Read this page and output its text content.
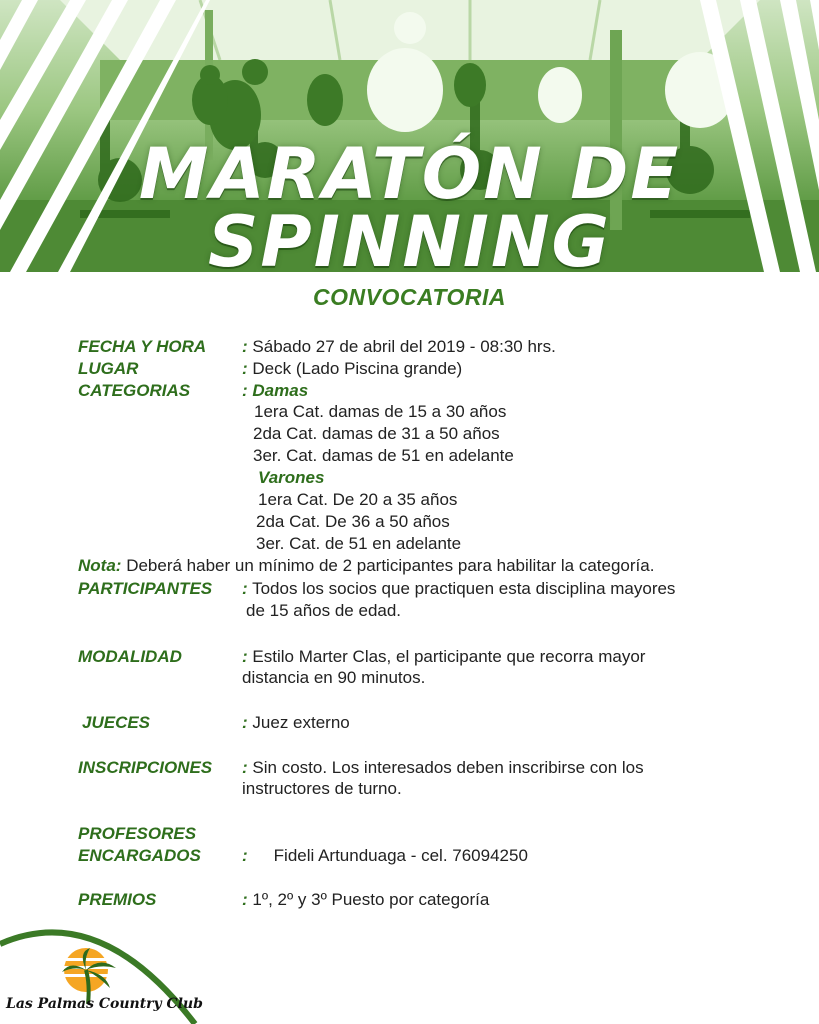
MARATÓN DE
SPINNING
CONVOCATORIA
FECHA Y HORA : Sábado 27 de abril del 2019 - 08:30 hrs.
LUGAR	: Deck (Lado Piscina grande)
CATEGORIAS	: Damas
1era Cat. damas de 15 a 30 años
2da Cat. damas de 31 a 50 años
3er. Cat. damas de 51 en adelante
Varones
1era Cat. De 20 a 35 años
2da Cat. De 36 a 50 años
3er. Cat. de 51 en adelante
Nota: Deberá haber un mínimo de 2 participantes para habilitar la categoría.
PARTICIPANTES : Todos los socios que practiquen esta disciplina mayores
de 15 años de edad.
MODALIDAD	: Estilo Marter Clas, el participante que recorra mayor
distancia en 90 minutos.
JUECES	: Juez externo
INSCRIPCIONES : Sin costo. Los interesados deben inscribirse con los
instructores de turno.
PROFESORES
ENCARGADOS : Fideli Artunduaga - cel. 76094250
PREMIOS	: 1º, 2º y 3º Puesto por categoría
Las Palmas Country Club
